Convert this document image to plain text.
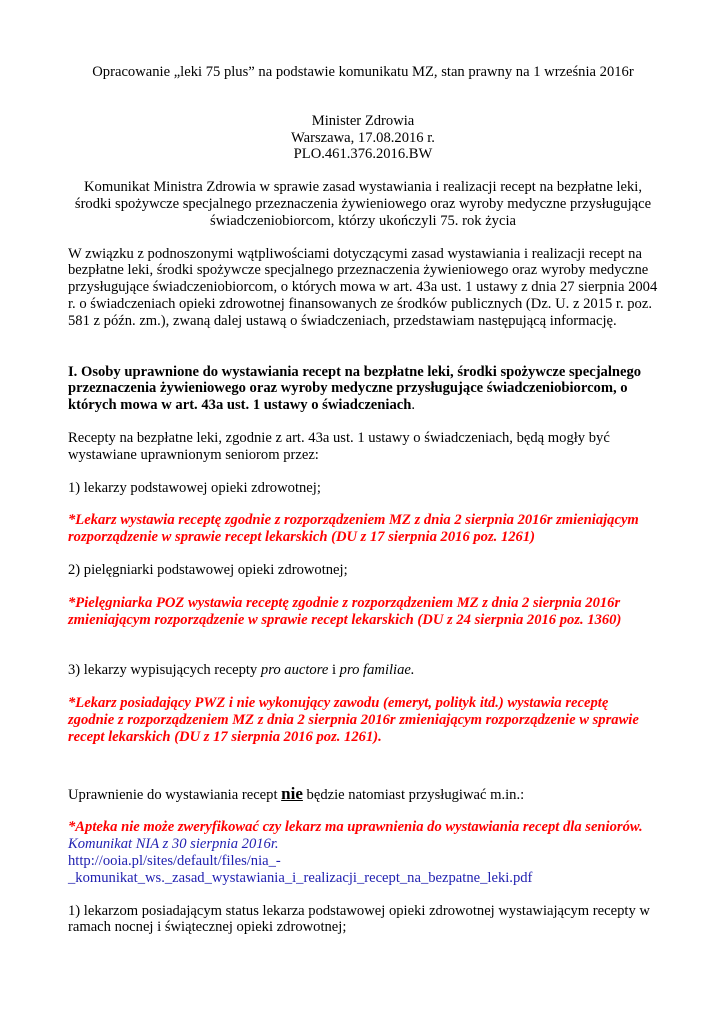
Opracowanie „leki 75 plus” na podstawie komunikatu MZ, stan prawny na 1 września 2016r

Minister Zdrowia

Warszawa, 17.08.2016 r.

PLO.461.376.2016.BW

Komunikat Ministra Zdrowia w sprawie zasad wystawiania i realizacji recept na bezpłatne leki,

środki spożywcze specjalnego przeznaczenia żywieniowego oraz wyroby medyczne przysługujące

świadczeniobiorcom, którzy ukończyli 75. rok życia

W związku z podnoszonymi wątpliwościami dotyczącymi zasad wystawiania i realizacji recept na bezpłatne leki, środki spożywcze specjalnego przeznaczenia żywieniowego oraz wyroby medyczne przysługujące świadczeniobiorcom, o których mowa w art. 43a ust. 1 ustawy z dnia 27 sierpnia 2004 r. o świadczeniach opieki zdrowotnej finansowanych ze środków publicznych (Dz. U. z 2015 r. poz. 581 z późn. zm.), zwaną dalej ustawą o świadczeniach, przedstawiam następującą informację.

I. Osoby uprawnione do wystawiania recept na bezpłatne leki, środki spożywcze specjalnego przeznaczenia żywieniowego oraz wyroby medyczne przysługujące świadczeniobiorcom, o których mowa w art. 43a ust. 1 ustawy o świadczeniach.

Recepty na bezpłatne leki, zgodnie z art. 43a ust. 1 ustawy o świadczeniach, będą mogły być wystawiane uprawnionym seniorom przez:

1) lekarzy podstawowej opieki zdrowotnej;

*Lekarz wystawia receptę zgodnie z rozporządzeniem MZ z dnia 2 sierpnia 2016r zmieniającym rozporządzenie w sprawie recept lekarskich (DU z 17 sierpnia 2016 poz. 1261)

2) pielęgniarki podstawowej opieki zdrowotnej;

*Pielęgniarka POZ wystawia receptę zgodnie z rozporządzeniem MZ z dnia 2 sierpnia 2016r zmieniającym rozporządzenie w sprawie recept lekarskich (DU z 24 sierpnia 2016 poz. 1360)

3) lekarzy wypisujących recepty pro auctore i pro familiae.

*Lekarz posiadający PWZ i nie wykonujący zawodu (emeryt, polityk itd.) wystawia receptę zgodnie z rozporządzeniem MZ z dnia 2 sierpnia 2016r zmieniającym rozporządzenie w sprawie recept lekarskich (DU z 17 sierpnia 2016 poz. 1261).

Uprawnienie do wystawiania recept nie będzie natomiast przysługiwać m.in.:

*Apteka nie może zweryfikować czy lekarz ma uprawnienia do wystawiania recept dla seniorów.

Komunikat NIA z 30 sierpnia 2016r.

http://ooia.pl/sites/default/files/nia_-

_komunikat_ws._zasad_wystawiania_i_realizacji_recept_na_bezpatne_leki.pdf

1) lekarzom posiadającym status lekarza podstawowej opieki zdrowotnej wystawiającym recepty w ramach nocnej i świątecznej opieki zdrowotnej;
